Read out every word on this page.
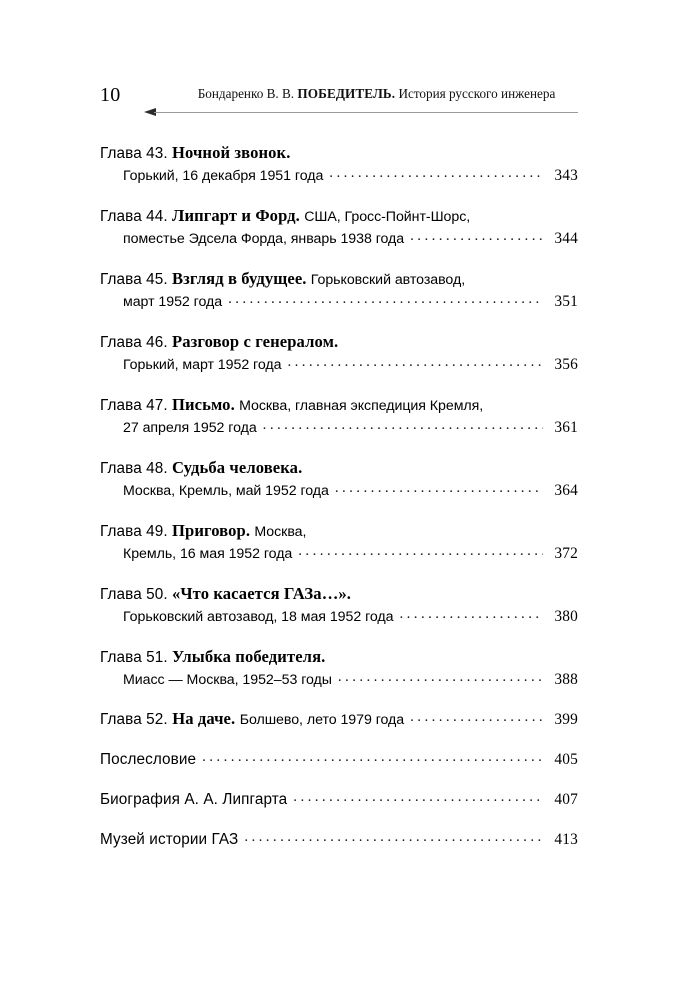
10	Бондаренко В. В. ПОБЕДИТЕЛЬ. История русского инженера
Глава 43. Ночной звонок.
Горький, 16 декабря 1951 года .....	343
Глава 44. Липгарт и Форд. США, Гросс-Пойнт-Шорс,
поместье Эдсела Форда, январь 1938 года .....	344
Глава 45. Взгляд в будущее. Горьковский автозавод,
март 1952 года .....	351
Глава 46. Разговор с генералом.
Горький, март 1952 года .....	356
Глава 47. Письмо. Москва, главная экспедиция Кремля,
27 апреля 1952 года .....	361
Глава 48. Судьба человека.
Москва, Кремль, май 1952 года .....	364
Глава 49. Приговор. Москва,
Кремль, 16 мая 1952 года .....	372
Глава 50. «Что касается ГАЗа…».
Горьковский автозавод, 18 мая 1952 года .....	380
Глава 51. Улыбка победителя.
Миасс — Москва, 1952–53 годы .....	388
Глава 52. На даче. Болшево, лето 1979 года .....	399
Послесловие .....	405
Биография А. А. Липгарта .....	407
Музей истории ГАЗ .....	413
